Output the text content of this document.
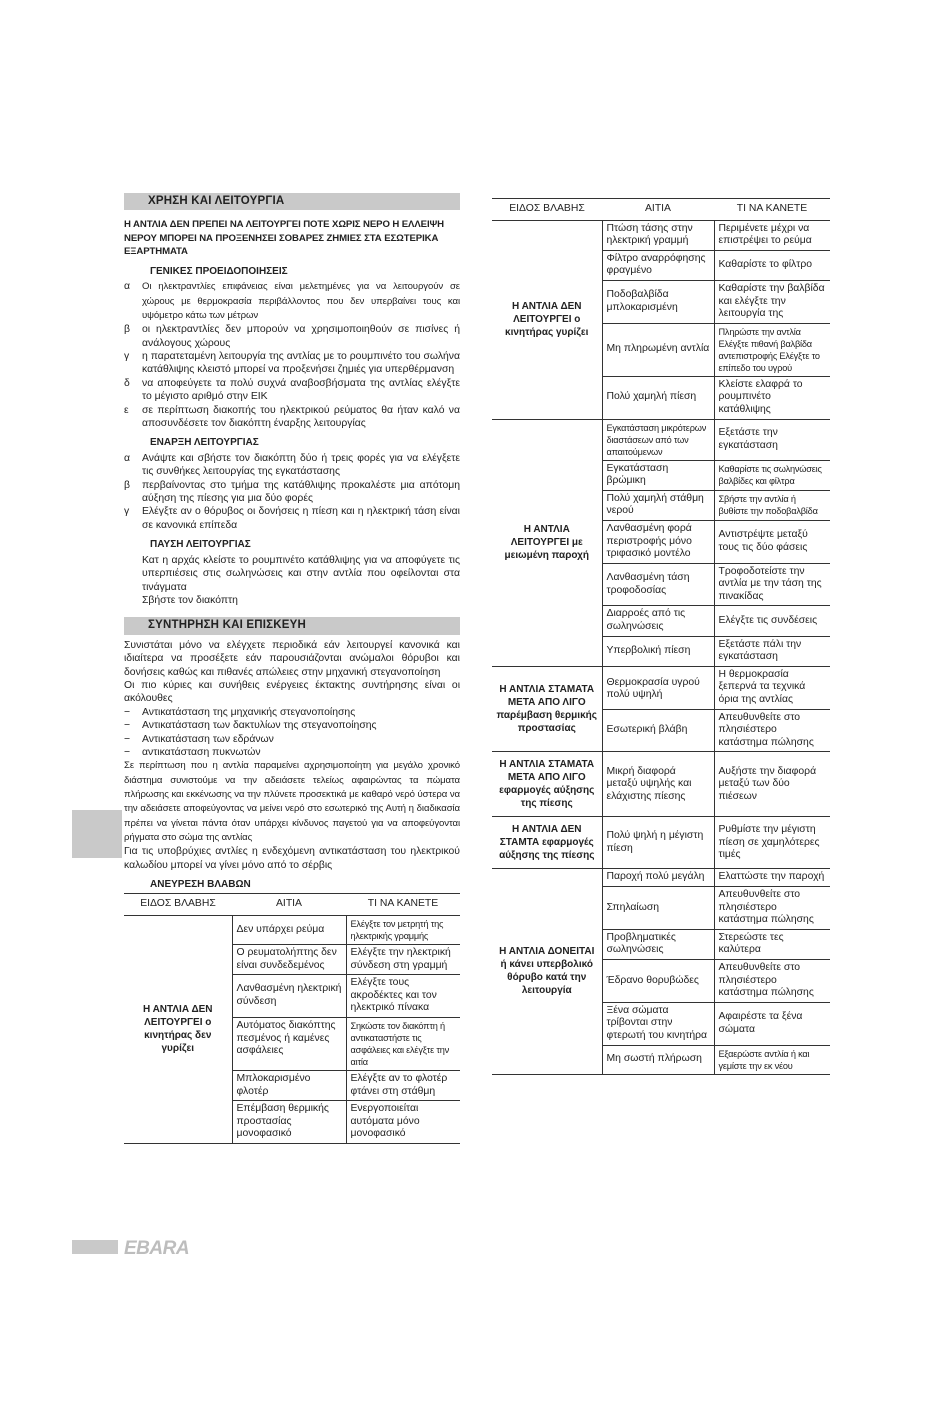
ΧΡΗΣΗ ΚΑΙ ΛΕΙΤΟΥΡΓΙΑ
Η ΑΝΤΛΙΑ ΔΕΝ ΠΡΕΠΕΙ ΝΑ ΛΕΙΤΟΥΡΓΕΙ ΠΟΤΕ ΧΩΡΙΣ ΝΕΡΟ Η ΕΛΛΕΙΨΗ ΝΕΡΟΥ ΜΠΟΡΕΙ ΝΑ ΠΡΟΞΕΝΗΣΕΙ ΣΟΒΑΡΕΣ ΖΗΜΙΕΣ ΣΤΑ ΕΣΩΤΕΡΙΚΑ ΕΞΑΡΤΗΜΑΤΑ
ΓΕΝΙΚΕΣ ΠΡΟΕΙΔΟΠΟΙΗΣΕΙΣ
α	Οι ηλεκτραντλίες επιφάνειας είναι μελετημένες για να λειτουργούν σε χώρους με θερμοκρασία περιβάλλοντος που δεν υπερβαίνει τους και υψόμετρο κάτω των μέτρων
β	οι ηλεκτραντλίες δεν μπορούν να χρησιμοποιηθούν σε πισίνες ή ανάλογους χώρους
γ	η παρατεταμένη λειτουργία της αντλίας με το ρουμπινέτο του σωλήνα κατάθλιψης κλειστό μπορεί να προξενήσει ζημιές για υπερθέρμανση
δ	να αποφεύγετε τα πολύ συχνά αναβοσβήσματα της αντλίας ελέγξτε το μέγιστο αριθμό στην ΕΙΚ
ε	σε περίπτωση διακοπής του ηλεκτρικού ρεύματος θα ήταν καλό να αποσυνδέσετε τον διακόπτη έναρξης λειτουργίας
ΕΝΑΡΞΗ ΛΕΙΤΟΥΡΓΙΑΣ
α	Ανάψτε και σβήστε τον διακόπτη δύο ή τρεις φορές για να ελέγξετε τις συνθήκες λειτουργίας της εγκατάστασης
β	περβαίνοντας στο τμήμα της κατάθλιψης προκαλέστε μια απότομη αύξηση της πίεσης για μια δύο φορές
γ	Ελέγξτε αν ο θόρυβος οι δονήσεις η πίεση και η ηλεκτρική τάση είναι σε κανονικά επίπεδα
ΠΑΥΣΗ ΛΕΙΤΟΥΡΓΙΑΣ
Κατ η αρχάς κλείστε το ρουμπινέτο κατάθλιψης για να αποφύγετε τις υπερπιέσεις στις σωληνώσεις και στην αντλία που οφείλονται στα τινάγματα
Σβήστε τον διακόπτη
ΣΥΝΤΗΡΗΣΗ ΚΑΙ ΕΠΙΣΚΕΥΗ
Συνιστάται μόνο να ελέγχετε περιοδικά εάν λειτουργεί κανονικά και ιδιαίτερα να προσέξετε εάν παρουσιάζονται ανώμαλοι θόρυβοι και δονήσεις καθώς και πιθανές απώλειες στην μηχανική στεγανοποίηση
Οι πιο κύριες και συνήθεις ενέργειες έκτακτης συντήρησης είναι οι ακόλουθες
−	Αντικατάσταση της μηχανικής στεγανοποίησης
−	Αντικατάσταση των δακτυλίων της στεγανοποίησης
−	Αντικατάσταση των εδράνων
−	αντικατάσταση πυκνωτών
Σε περίπτωση που η αντλία παραμείνει αχρησιμοποίητη για μεγάλο χρονικό διάστημα συνιστούμε να την αδειάσετε τελείως αφαιρώντας τα πώματα πλήρωσης και εκκένωσης να την πλύνετε προσεκτικά με καθαρό νερό ύστερα να την αδειάσετε αποφεύγοντας να μείνει νερό στο εσωτερικό της Αυτή η διαδικασία πρέπει να γίνεται πάντα όταν υπάρχει κίνδυνος παγετού για να αποφεύγονται ρήγματα στο σώμα της αντλίας
Για τις υποβρύχιες αντλίες η ενδεχόμενη αντικατάσταση του ηλεκτρικού καλωδίου μπορεί να γίνει μόνο από το σέρβις
ΑΝΕΥΡΕΣΗ ΒΛΑΒΩΝ
ΕΙΔΟΣ ΒΛΑΒΗΣ	ΑΙΤΙΑ	ΤΙ ΝΑ ΚΑΝΕΤΕ
Η ΑΝΤΛΙΑ ΔΕΝ ΛΕΙΤΟΥΡΓΕΙ ο κινητήρας δεν γυρίζει	Δεν υπάρχει ρεύμα	Ελέγξτε τον μετρητή της ηλεκτρικής γραμμής
	Ο ρευματολήπτης δεν είναι συνδεδεμένος	Ελέγξτε την ηλεκτρική σύνδεση στη γραμμή
	Λανθασμένη ηλεκτρική σύνδεση	Ελέγξτε τους ακροδέκτες και τον ηλεκτρικό πίνακα
	Αυτόματος διακόπτης πεσμένος ή καμένες ασφάλειες	Σηκώστε τον διακόπτη ή αντικαταστήστε τις ασφάλειες και ελέγξτε την αιτία
	Μπλοκαρισμένο φλοτέρ	Ελέγξτε αν το φλοτέρ φτάνει στη στάθμη
	Επέμβαση θερμικής προστασίας μονοφασικό	Ενεργοποιείται αυτόματα μόνο μονοφασικό
ΕΙΔΟΣ ΒΛΑΒΗΣ	ΑΙΤΙΑ	ΤΙ ΝΑ ΚΑΝΕΤΕ
Η ΑΝΤΛΙΑ ΔΕΝ ΛΕΙΤΟΥΡΓΕΙ ο κινητήρας γυρίζει	Πτώση τάσης στην ηλεκτρική γραμμή	Περιμένετε μέχρι να επιστρέψει το ρεύμα
	Φίλτρο αναρρόφησης φραγμένο	Καθαρίστε το φίλτρο
	Ποδοβαλβίδα μπλοκαρισμένη	Καθαρίστε την βαλβίδα και ελέγξτε την λειτουργία της
	Μη πληρωμένη αντλία	Πληρώστε την αντλία Ελέγξτε πιθανή βαλβίδα αντεπιστροφής Ελέγξτε το επίπεδο του υγρού
	Πολύ χαμηλή πίεση	Κλείστε ελαφρά το ρουμπινέτο κατάθλιψης
Η ΑΝΤΛΙΑ ΛΕΙΤΟΥΡΓΕΙ με μειωμένη παροχή	Εγκατάσταση μικρότερων διαστάσεων από των απαιτούμενων	Εξετάστε την εγκατάσταση
	Εγκατάσταση βρώμικη	Καθαρίστε τις σωληνώσεις βαλβίδες και φίλτρα
	Πολύ χαμηλή στάθμη νερού	Σβήστε την αντλία ή βυθίστε την ποδοβαλβίδα
	Λανθασμένη φορά περιστροφής μόνο τριφασικό μοντέλο	Αντιστρέψτε μεταξύ τους τις δύο φάσεις
	Λανθασμένη τάση τροφοδοσίας	Τροφοδοτείστε την αντλία με την τάση της πινακίδας
	Διαρροές από τις σωληνώσεις	Ελέγξτε τις συνδέσεις
	Υπερβολική πίεση	Εξετάστε πάλι την εγκατάσταση
Η ΑΝΤΛΙΑ ΣΤΑΜΑΤΑ ΜΕΤΑ ΑΠΟ ΛΙΓΟ παρέμβαση θερμικής προστασίας	Θερμοκρασία υγρού πολύ υψηλή	Η θερμοκρασία ξεπερνά τα τεχνικά όρια της αντλίας
	Εσωτερική βλάβη	Απευθυνθείτε στο πλησιέστερο κατάστημα πώλησης
Η ΑΝΤΛΙΑ ΣΤΑΜΑΤΑ ΜΕΤΑ ΑΠΟ ΛΙΓΟ εφαρμογές αύξησης της πίεσης	Μικρή διαφορά μεταξύ υψηλής και ελάχιστης πίεσης	Αυξήστε την διαφορά μεταξύ των δύο πιέσεων
Η ΑΝΤΛΙΑ ΔΕΝ ΣΤΑΜΤΑ εφαρμογές αύξησης της πίεσης	Πολύ ψηλή η μέγιστη πίεση	Ρυθμίστε την μέγιστη πίεση σε χαμηλότερες τιμές
Η ΑΝΤΛΙΑ ΔΟΝΕΙΤΑΙ ή κάνει υπερβολικό θόρυβο κατά την λειτουργία	Παροχή πολύ μεγάλη	Ελαττώστε την παροχή
	Σπηλαίωση	Απευθυνθείτε στο πλησιέστερο κατάστημα πώλησης
	Προβληματικές σωληνώσεις	Στερεώστε τες καλύτερα
	Έδρανο θορυβώδες	Απευθυνθείτε στο πλησιέστερο κατάστημα πώλησης
	Ξένα σώματα τρίβονται στην φτερωτή του κινητήρα	Αφαιρέστε τα ξένα σώματα
	Μη σωστή πλήρωση	Εξαερώστε αντλία ή και γεμίστε την εκ νέου
EBARA
